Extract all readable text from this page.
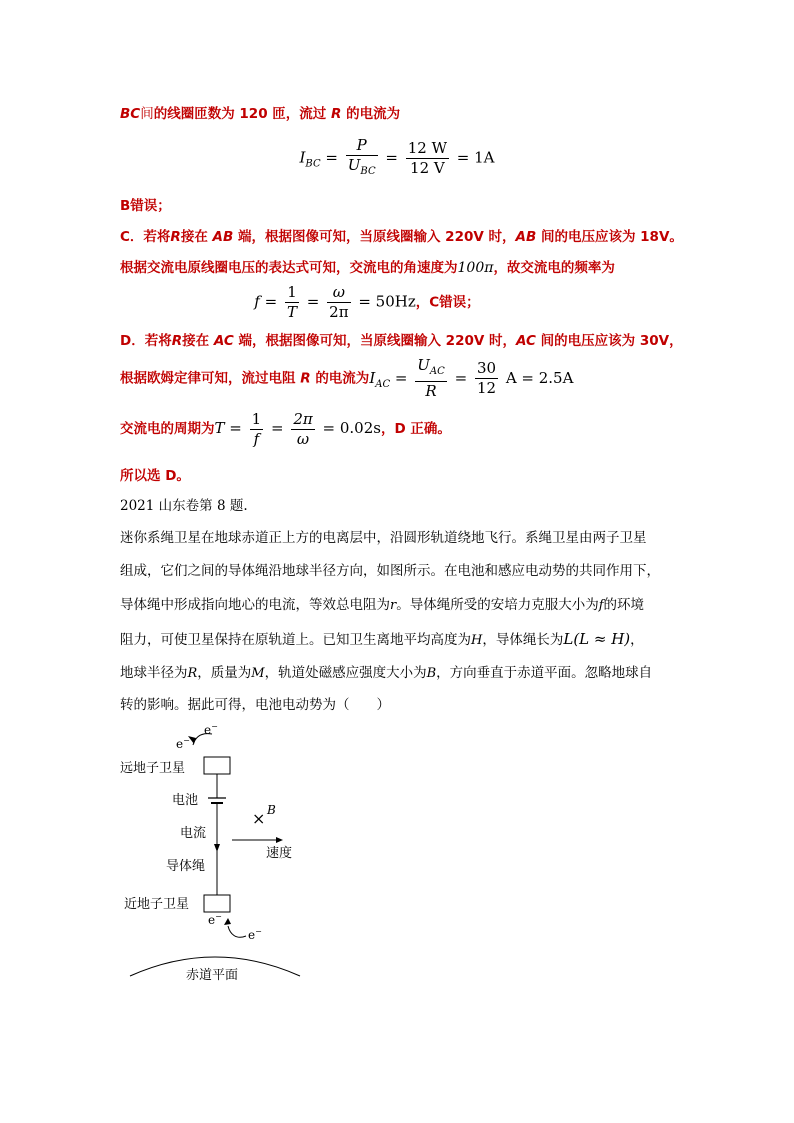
BC间的线圈匝数为 120 匝，流过 R 的电流为
$I_{BC} = \frac{P}{U_{BC}} = \frac{12 W}{12 V} = 1A$
B错误；
C．若将R接在 AB 端，根据图像可知，当原线圈输入 220V 时，AB 间的电压应该为 18V。
根据交流电原线圈电压的表达式可知，交流电的角速度为100π，故交流电的频率为
$f = \frac{1}{T} = \frac{\omega}{2\pi} = 50Hz$，C错误；
D．若将R接在 AC 端，根据图像可知，当原线圈输入 220V 时，AC 间的电压应该为 30V，
根据欧姆定律可知，流过电阻 R 的电流为$I_{AC} = \frac{U_{AC}}{R} = \frac{30}{12}$ A = 2.5A
交流电的周期为$T = \frac{1}{f} = \frac{2\pi}{\omega} = 0.02s$，D 正确。
所以选 D。
2021 山东卷第 8 题.
迷你系绳卫星在地球赤道正上方的电离层中，沿圆形轨道绕地飞行。系绳卫星由两子卫星
组成，它们之间的导体绳沿地球半径方向，如图所示。在电池和感应电动势的共同作用下，
导体绳中形成指向地心的电流，等效总电阻为r。导体绳所受的安培力克服大小为f的环境
阻力，可使卫星保持在原轨道上。已知卫生离地平均高度为H，导体绳长为L(L ≈ H)，
地球半径为R，质量为M，轨道处磁感应强度大小为B，方向垂直于赤道平面。忽略地球自
转的影响。据此可得，电池电动势为（　　）
e−
e−
远地子卫星
电池
电流
× B
速度
导体绳
近地子卫星
e−
e−
赤道平面
